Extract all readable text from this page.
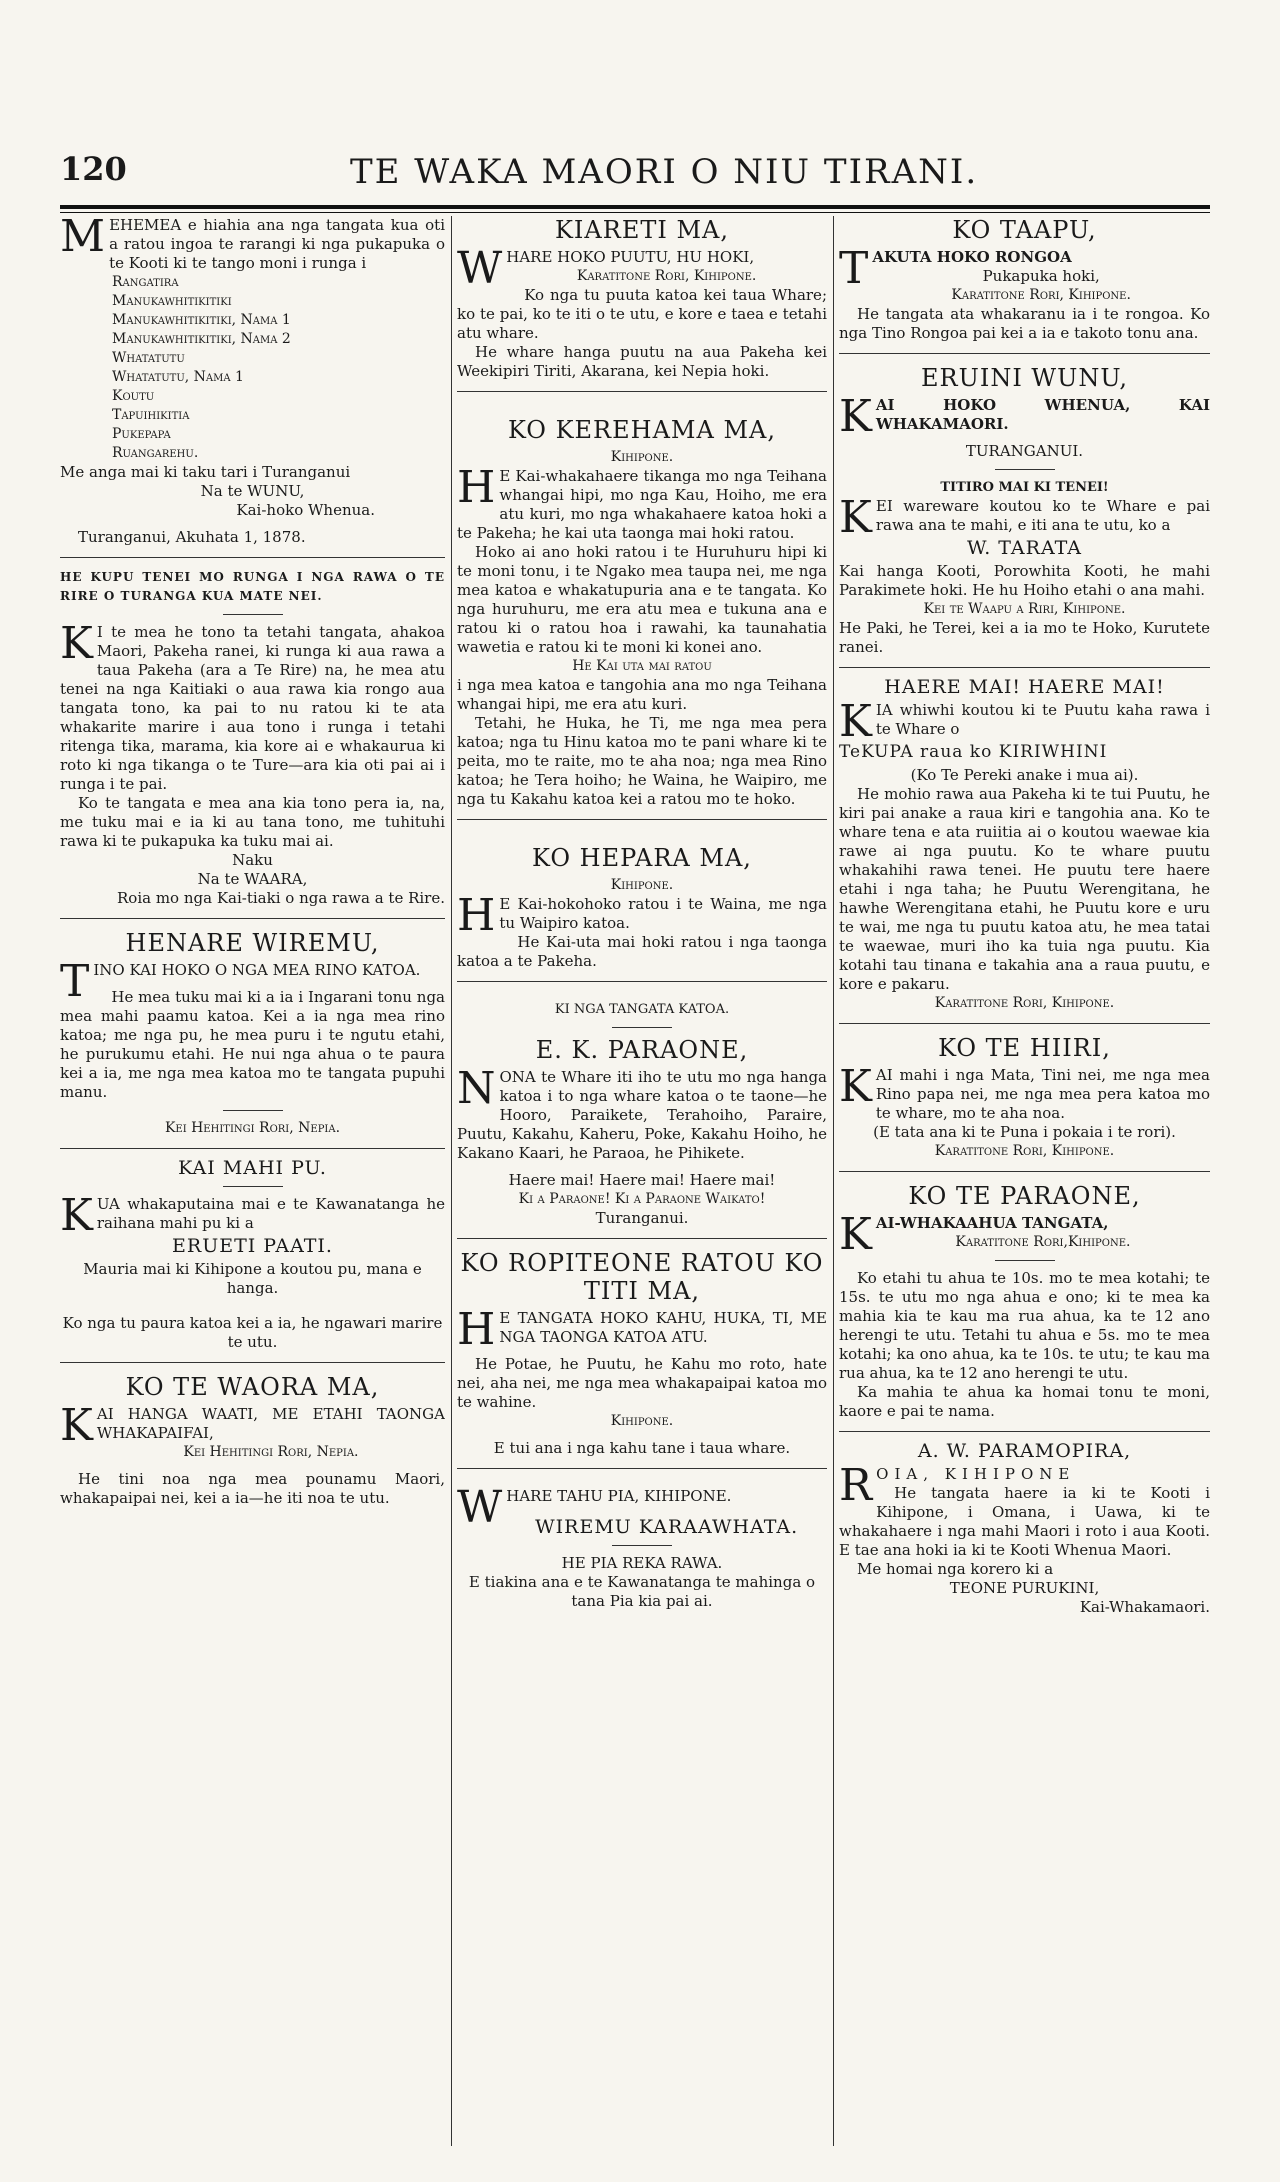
120	TE WAKA MAORI O NIU TIRANI.

MEHEMEA e hiahia ana nga tangata kua oti a ratou ingoa te rarangi ki nga pukapuka o te Kooti ki te tango moni i runga i

Rangatira

Manukawhitikitiki

Manukawhitikitiki, Nama 1

Manukawhitikitiki, Nama 2

Whatatutu

Whatatutu, Nama 1

Koutu

Tapuihikitia

Pukepapa

Ruangarehu.

Me anga mai ki taku tari i Turanganui

Na te WUNU,

Kai-hoko Whenua.

Turanganui, Akuhata 1, 1878.

HE KUPU TENEI MO RUNGA I NGA RAWA O TE RIRE O TURANGA KUA MATE NEI.

K I te mea he tono ta tetahi tangata, ahakoa Maori, Pakeha ranei, ki runga ki aua rawa a taua Pakeha (ara a Te Rire) na, he mea atu tenei na nga Kaitiaki o aua rawa kia rongo aua tangata tono, ka pai to nu ratou ki te ata whakarite marire i aua tono i runga i tetahi ritenga tika, marama, kia kore ai e whakaurua ki roto ki nga tikanga o te Ture—ara kia oti pai ai i runga i te pai.

Ko te tangata e mea ana kia tono pera ia, na, me tuku mai e ia ki au tana tono, me tuhituhi rawa ki te pukapuka ka tuku mai ai.

Naku

Na te WAARA,

Roia mo nga Kai-tiaki o nga rawa a te Rire.

HENARE WIREMU,

TINO KAI HOKO O NGA MEA RINO KATOA.

He mea tuku mai ki a ia i Ingarani tonu nga mea mahi paamu katoa. Kei a ia nga mea rino katoa; me nga pu, he mea puru i te ngutu etahi, he purukumu etahi. He nui nga ahua o te paura kei a ia, me nga mea katoa mo te tangata pupuhi manu.

Kei Hehitingi Rori, Nepia.

KAI MAHI PU.

KUA whakaputaina mai e te Kawanatanga he raihana mahi pu ki a

ERUETI PAATI.

Mauria mai ki Kihipone a koutou pu, mana e hanga.

Ko nga tu paura katoa kei a ia, he ngawari marire te utu.

KO TE WAORA MA,

KAI HANGA WAATI, ME ETAHI TAONGA WHAKAPAIFAI,

Kei Hehitingi Rori, Nepia.

He tini noa nga mea pounamu Maori, whakapaipai nei, kei a ia—he iti noa te utu.

KIARETI MA,

WHARE HOKO PUUTU, HU HOKI,

Karatitone Rori, Kihipone.

Ko nga tu puuta katoa kei taua Whare; ko te pai, ko te iti o te utu, e kore e taea e tetahi atu whare.

He whare hanga puutu na aua Pakeha kei Weekipiri Tiriti, Akarana, kei Nepia hoki.

KO KEREHAMA MA,

Kihipone.

H E Kai-whakahaere tikanga mo nga Teihana whangai hipi, mo nga Kau, Hoiho, me era atu kuri, mo nga whakahaere katoa hoki a te Pakeha; he kai uta taonga mai hoki ratou.

Hoko ai ano hoki ratou i te Huruhuru hipi ki te moni tonu, i te Ngako mea taupa nei, me nga mea katoa e whakatupuria ana e te tangata. Ko nga huruhuru, me era atu mea e tukuna ana e ratou ki o ratou hoa i rawahi, ka taunahatia wawetia e ratou ki te moni ki konei ano.

He Kai uta mai ratou

i nga mea katoa e tangohia ana mo nga Teihana whangai hipi, me era atu kuri.

Tetahi, he Huka, he Ti, me nga mea pera katoa; nga tu Hinu katoa mo te pani whare ki te peita, mo te raite, mo te aha noa; nga mea Rino katoa; he Tera hoiho; he Waina, he Waipiro, me nga tu Kakahu katoa kei a ratou mo te hoko.

KO HEPARA MA,

Kihipone.

H E Kai-hokohoko ratou i te Waina, me nga tu Waipiro katoa.

He Kai-uta mai hoki ratou i nga taonga katoa a te Pakeha.

KI NGA TANGATA KATOA.

E. K. PARAONE,

NONA te Whare iti iho te utu mo nga hanga katoa i to nga whare katoa o te taone—he Hooro, Paraikete, Terahoiho, Paraire, Puutu, Kakahu, Kaheru, Poke, Kakahu Hoiho, he Kakano Kaari, he Paraoa, he Pihikete.

Haere mai! Haere mai! Haere mai!

Ki a Paraone! Ki a Paraone Waikato!

Turanganui.

KO ROPITEONE RATOU KO TITI MA,

H E TANGATA HOKO KAHU, HUKA, TI, ME NGA TAONGA KATOA ATU.

He Potae, he Puutu, he Kahu mo roto, hate nei, aha nei, me nga mea whakapaipai katoa mo te wahine.

Kihipone.

E tui ana i nga kahu tane i taua whare.

WHARE TAHU PIA, KIHIPONE.

WIREMU KARAAWHATA.

HE PIA REKA RAWA.

E tiakina ana e te Kawanatanga te mahinga o tana Pia kia pai ai.

KO TAAPU,

TAKUTA HOKO RONGOA

Pukapuka hoki,

Karatitone Rori, Kihipone.

He tangata ata whakaranu ia i te rongoa. Ko nga Tino Rongoa pai kei a ia e takoto tonu ana.

ERUINI WUNU,

KAI HOKO WHENUA, KAI WHAKAMAORI.

TURANGANUI.

TITIRO MAI KI TENEI!

KEI wareware koutou ko te Whare e pai rawa ana te mahi, e iti ana te utu, ko a

W. TARATA

Kai hanga Kooti, Porowhita Kooti, he mahi Parakimete hoki. He hu Hoiho etahi o ana mahi.

Kei te Waapu a Riri, Kihipone.

He Paki, he Terei, kei a ia mo te Hoko, Kurutete ranei.

HAERE MAI! HAERE MAI!

KIA whiwhi koutou ki te Puutu kaha rawa i te Whare o

TeKUPA raua ko KIRIWHINI

(Ko Te Pereki anake i mua ai).

He mohio rawa aua Pakeha ki te tui Puutu, he kiri pai anake a raua kiri e tangohia ana. Ko te whare tena e ata ruiitia ai o koutou waewae kia rawe ai nga puutu. Ko te whare puutu whakahihi rawa tenei. He puutu tere haere etahi i nga taha; he Puutu Werengitana, he hawhe Werengitana etahi, he Puutu kore e uru te wai, me nga tu puutu katoa atu, he mea tatai te waewae, muri iho ka tuia nga puutu. Kia kotahi tau tinana e takahia ana a raua puutu, e kore e pakaru.

Karatitone Rori, Kihipone.

KO TE HIIRI,

KAI mahi i nga Mata, Tini nei, me nga mea Rino papa nei, me nga mea pera katoa mo te whare, mo te aha noa.

(E tata ana ki te Puna i pokaia i te rori).

Karatitone Rori, Kihipone.

KO TE PARAONE,

KAI-WHAKAAHUA TANGATA,

Karatitone Rori,Kihipone.

Ko etahi tu ahua te 10s. mo te mea kotahi; te 15s. te utu mo nga ahua e ono; ki te mea ka mahia kia te kau ma rua ahua, ka te 12 ano herengi te utu. Tetahi tu ahua e 5s. mo te mea kotahi; ka ono ahua, ka te 10s. te utu; te kau ma rua ahua, ka te 12 ano herengi te utu.

Ka mahia te ahua ka homai tonu te moni, kaore e pai te nama.

A. W. PARAMOPIRA,

ROIA, KIHIPONE

He tangata haere ia ki te Kooti i Kihipone, i Omana, i Uawa, ki te whakahaere i nga mahi Maori i roto i aua Kooti. E tae ana hoki ia ki te Kooti Whenua Maori.

Me homai nga korero ki a

TEONE PURUKINI,

Kai-Whakamaori.
